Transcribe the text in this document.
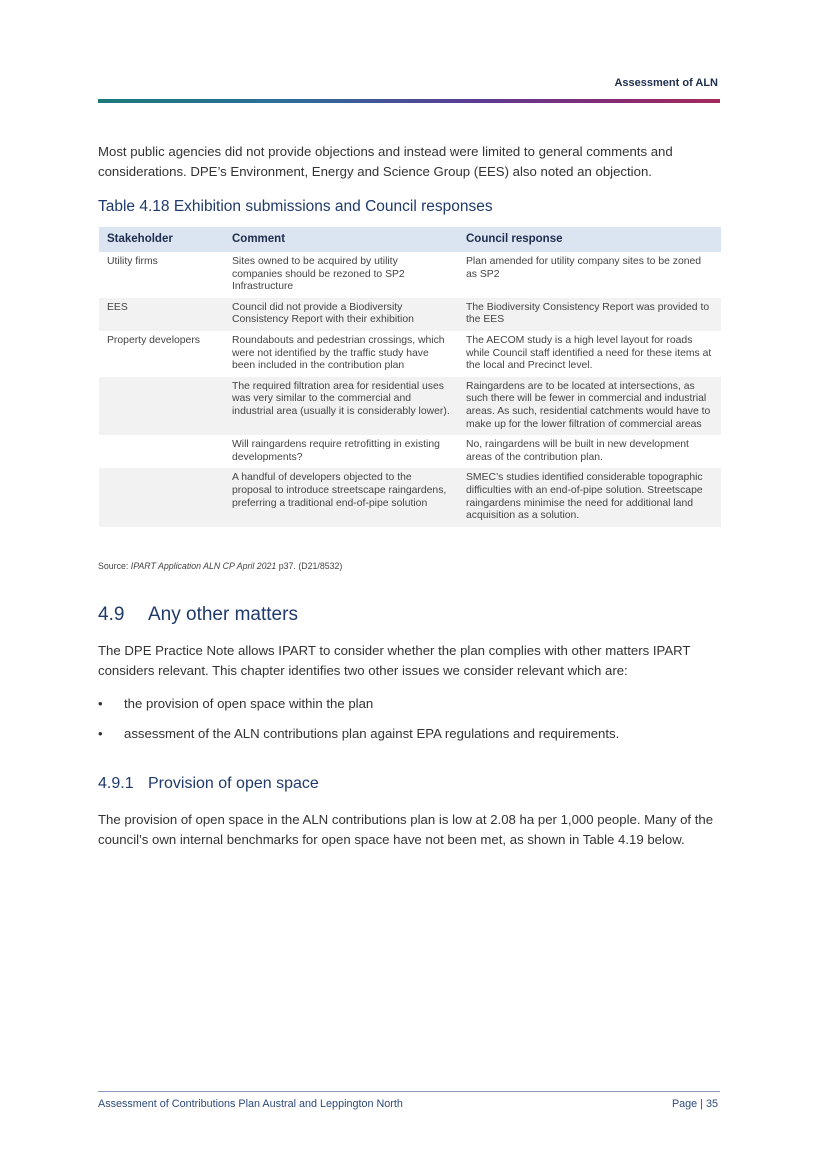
Assessment of ALN

Most public agencies did not provide objections and instead were limited to general comments and considerations. DPE’s Environment, Energy and Science Group (EES) also noted an objection.

Table 4.18 Exhibition submissions and Council responses
Stakeholder	Comment	Council response
Utility firms	Sites owned to be acquired by utility companies should be rezoned to SP2 Infrastructure	Plan amended for utility company sites to be zoned as SP2
EES	Council did not provide a Biodiversity Consistency Report with their exhibition	The Biodiversity Consistency Report was provided to the EES
Property developers	Roundabouts and pedestrian crossings, which were not identified by the traffic study have been included in the contribution plan	The AECOM study is a high level layout for roads while Council staff identified a need for these items at the local and Precinct level.
	The required filtration area for residential uses was very similar to the commercial and industrial area (usually it is considerably lower).	Raingardens are to be located at intersections, as such there will be fewer in commercial and industrial areas. As such, residential catchments would have to make up for the lower filtration of commercial areas
	Will raingardens require retrofitting in existing developments?	No, raingardens will be built in new development areas of the contribution plan.
	A handful of developers objected to the proposal to introduce streetscape raingardens, preferring a traditional end-of-pipe solution	SMEC’s studies identified considerable topographic difficulties with an end-of-pipe solution. Streetscape raingardens minimise the need for additional land acquisition as a solution.
Source: IPART Application ALN CP April 2021 p37. (D21/8532)
4.9 Any other matters

The DPE Practice Note allows IPART to consider whether the plan complies with other matters IPART considers relevant. This chapter identifies two other issues we consider relevant which are:

• the provision of open space within the plan
• assessment of the ALN contributions plan against EPA regulations and requirements.
4.9.1 Provision of open space

The provision of open space in the ALN contributions plan is low at 2.08 ha per 1,000 people. Many of the council’s own internal benchmarks for open space have not been met, as shown in Table 4.19 below.

Assessment of Contributions Plan Austral and Leppington North	Page | 35
